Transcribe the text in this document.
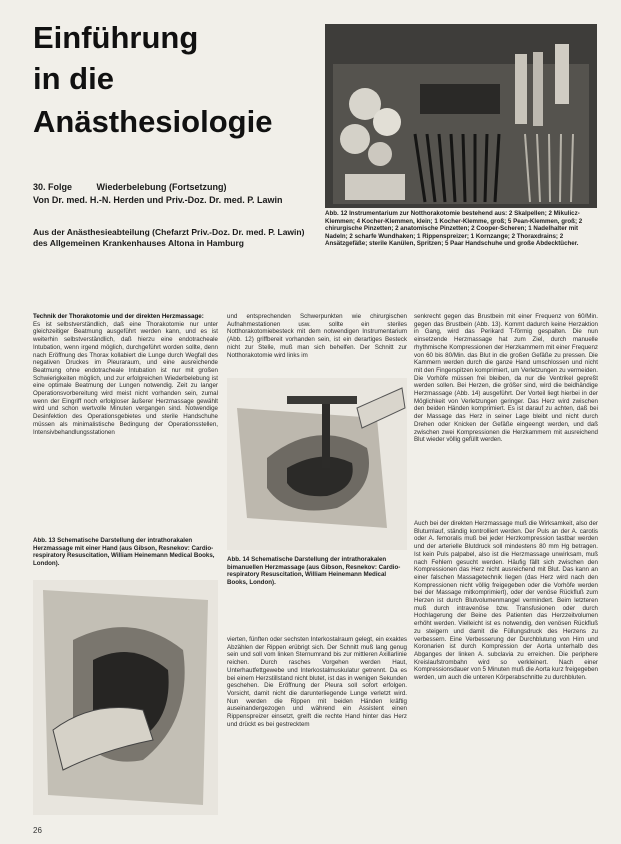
Einführung
in die
Anästhesiologie
30. Folge	Wiederbelebung (Fortsetzung)
Von Dr. med. H.-N. Herden und Priv.-Doz. Dr. med. P. Lawin
Aus der Anästhesieabteilung (Chefarzt Priv.-Doz. Dr. med. P. Lawin) des Allgemeinen Krankenhauses Altona in Hamburg
Abb. 12 Instrumentarium zur Notthorakotomie bestehend aus: 2 Skalpellen; 2 Mikulicz-Klemmen; 4 Kocher-Klemmen, klein; 1 Kocher-Klemme, groß; 5 Pean-Klemmen, groß; 2 chirurgische Pinzetten; 2 anatomische Pinzetten; 2 Cooper-Scheren; 1 Nadelhalter mit Nadeln; 2 scharfe Wundhaken; 1 Rippenspreizer; 1 Kornzange; 2 Thoraxdrains; 2 Ansätzgefäße; sterile Kanülen, Spritzen; 5 Paar Handschuhe und große Abdecktücher.

Technik der Thorakotomie und der direkten Herzmassage:

Es ist selbstverständlich, daß eine Thorakotomie nur unter gleichzeitiger Beatmung ausgeführt werden kann, und es ist weiterhin selbstverständlich, daß hierzu eine endotracheale Intubation, wenn irgend möglich, durchgeführt worden sollte, denn nach Eröffnung des Thorax kollabiert die Lunge durch Wegfall des negativen Druckes im Pleuraraum, und eine ausreichende Beatmung ohne endotracheale Intubation ist nur mit großen Schwierigkeiten möglich, und zur erfolgreichen Wiederbelebung ist eine optimale Beatmung der Lungen notwendig. Zeit zu langer Operationsvorbereitung wird meist nicht vorhanden sein, zumal wenn der Eingriff noch erfolgloser äußerer Herzmassage gewählt wird und schon wertvolle Minuten vergangen sind. Notwendige Desinfektion des Operationsgebietes und sterile Handschuhe müssen als minimalistische Bedingung der Operationsstellen, Intensivbehandlungsstationen

und entsprechenden Schwerpunkten wie chirurgischen Aufnahmestationen usw. sollte ein steriles Notthorakotomiebesteck mit dem notwendigen Instrumentarium (Abb. 12) griffbereit vorhanden sein, ist ein derartiges Besteck nicht zur Stelle, muß man sich behelfen. Der Schnitt zur Notthorakotomie wird links im
senkrecht gegen das Brustbein mit einer Frequenz von 60/Min. gegen das Brustbein (Abb. 13). Kommt dadurch keine Herzaktion in Gang, wird das Perikard T-förmig gespalten. Die nun einsetzende Herzmassage hat zum Ziel, durch manuelle rhythmische Kompressionen der Herzkammern mit einer Frequenz von 60 bis 80/Min. das Blut in die großen Gefäße zu pressen. Die Kammern werden durch die ganze Hand umschlossen und nicht mit den Fingerspitzen komprimiert, um Verletzungen zu vermeiden. Die Vorhöfe müssen frei bleiben, da nur die Ventrikel gepreßt werden sollen. Bei Herzen, die größer sind, wird die beidhändige Herzmassage (Abb. 14) ausgeführt. Der Vorteil liegt hierbei in der Möglichkeit von Verletzungen geringer. Das Herz wird zwischen den beiden Händen komprimiert. Es ist darauf zu achten, daß bei der Massage das Herz in seiner Lage bleibt und nicht durch Drehen oder Knicken der Gefäße eingeengt werden, und daß zwischen zwei Kompressionen die Herzkammern mit ausreichend Blut wieder völlig gefüllt werden.
Abb. 13 Schematische Darstellung der intrathorakalen Herzmassage mit einer Hand (aus Gibson, Resnekov: Cardio-respiratory Resuscitation, William Heinemann Medical Books, London).
Abb. 14 Schematische Darstellung der intrathorakalen bimanuellen Herzmassage (aus Gibson, Resnekov: Cardio-respiratory Resuscitation, William Heinemann Medical Books, London).
vierten, fünften oder sechsten Interkostalraum gelegt, ein exaktes Abzählen der Rippen erübrigt sich. Der Schnitt muß lang genug sein und soll vom linken Sternumrand bis zur mittleren Axillarlinie reichen. Durch rasches Vorgehen werden Haut, Unterhautfettgewebe und Interkostalmuskulatur getrennt. Da es bei einem Herzstillstand nicht blutet, ist das in wenigen Sekunden geschehen. Die Eröffnung der Pleura soll sofort erfolgen. Vorsicht, damit nicht die darunterliegende Lunge verletzt wird. Nun werden die Rippen mit beiden Händen kräftig auseinandergezogen und während ein Assistent einen Rippenspreizer einsetzt, greift die rechte Hand hinter das Herz und drückt es bei gestrecktem
Auch bei der direkten Herzmassage muß die Wirksamkeit, also der Blutumlauf, ständig kontrolliert werden. Der Puls an der A. carotis oder A. femoralis muß bei jeder Herzkompression tastbar werden und der arterielle Blutdruck soll mindestens 80 mm Hg betragen. Ist kein Puls palpabel, also ist die Herzmassage unwirksam, muß nach Fehlern gesucht werden. Häufig fällt sich zwischen den Kompressionen das Herz nicht ausreichend mit Blut. Das kann an einer falschen Massagetechnik liegen (das Herz wird nach den Kompressionen nicht völlig freigegeben oder die Vorhöfe werden bei der Massage mitkomprimiert), oder der venöse Rückfluß zum Herzen ist durch Blutvolumenmangel vermindert. Beim letzteren muß durch intravenöse bzw. Transfusionen oder durch Hochlagerung der Beine des Patienten das Herzzeitvolumen erhöht werden. Vielleicht ist es notwendig, den venösen Rückfluß zu steigern und damit die Füllungsdruck des Herzens zu verbessern. Eine Verbesserung der Durchblutung von Hirn und Koronarien ist durch Kompression der Aorta unterhalb des Abganges der linken A. subclavia zu erreichen. Die periphere Kreislaufstrombahn wird so verkleinert. Nach einer Kompressionsdauer von 5 Minuten muß die Aorta kurz freigegeben werden, um auch die unteren Körperabschnitte zu durchbluten.
26
